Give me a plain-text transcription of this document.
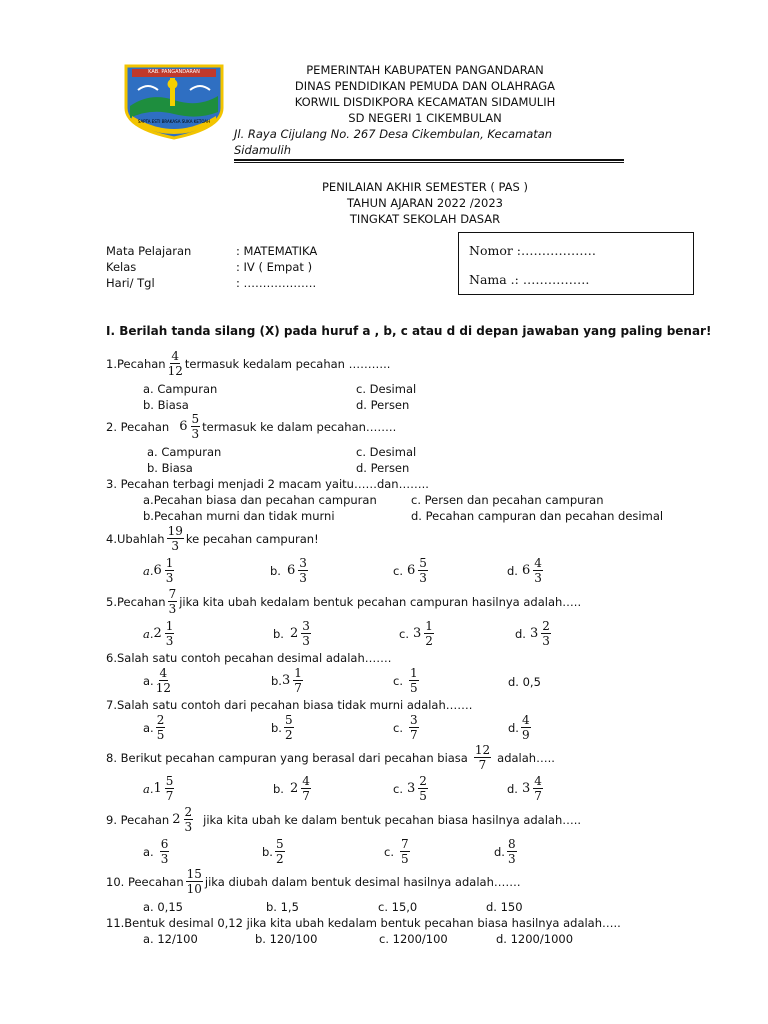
KAB. PANGANDARAN
SAPTA ESTI BRAKASA SUKA KETOAH
PEMERINTAH KABUPATEN PANGANDARAN
DINAS PENDIDIKAN PEMUDA DAN OLAHRAGA
KORWIL DISDIKPORA KECAMATAN SIDAMULIH
SD NEGERI 1 CIKEMBULAN
Jl. Raya Cijulang No. 267 Desa Cikembulan, Kecamatan
Sidamulih
PENILAIAN AKHIR SEMESTER ( PAS )
TAHUN AJARAN 2022 /2023
TINGKAT SEKOLAH DASAR
Mata Pelajaran	: MATEMATIKA
Kelas	: IV ( Empat )
Hari/ Tgl	: ……………….
Nomor :………………
Nama .: …………….
I. Berilah tanda silang (X) pada huruf a , b, c atau d di depan jawaban yang paling benar!
1.Pecahan $\frac{4}{12}$ termasuk kedalam pecahan ………..
a. Campuran	c. Desimal
b. Biasa	d. Persen
2. Pecahan $6 \frac{5}{3}$ termasuk ke dalam pecahan……..
a. Campuran	c. Desimal
b. Biasa	d. Persen
3. Pecahan terbagi menjadi 2 macam yaitu……dan……..
a.Pecahan biasa dan pecahan campuran	c. Persen dan pecahan campuran
b.Pecahan murni dan tidak murni	d. Pecahan campuran dan pecahan desimal
4.Ubahlah $\frac{19}{3}$ ke pecahan campuran!
a. $6 \frac{1}{3}$	b. $6 \frac{3}{3}$	c. $6 \frac{5}{3}$	d. $6 \frac{4}{3}$
5.Pecahan $\frac{7}{3}$ jika kita ubah kedalam bentuk pecahan campuran hasilnya adalah…..
a. $2 \frac{1}{3}$	b. $2 \frac{3}{3}$	c. $3 \frac{1}{2}$	d. $3 \frac{2}{3}$
6.Salah satu contoh pecahan desimal adalah…….
a. $\frac{4}{12}$	b. $3 \frac{1}{7}$	c. $\frac{1}{5}$	d. 0,5
7.Salah satu contoh dari pecahan biasa tidak murni adalah…….
a. $\frac{2}{5}$	b. $\frac{5}{2}$	c. $\frac{3}{7}$	d. $\frac{4}{9}$
8. Berikut pecahan campuran yang berasal dari pecahan biasa $\frac{12}{7}$ adalah…..
a. $1 \frac{5}{7}$	b. $2 \frac{4}{7}$	c. $3 \frac{2}{5}$	d. $3 \frac{4}{7}$
9. Pecahan $2 \frac{2}{3}$ jika kita ubah ke dalam bentuk pecahan biasa hasilnya adalah…..
a. $\frac{6}{3}$	b. $\frac{5}{2}$	c. $\frac{7}{5}$	d. $\frac{8}{3}$
10. Peecahan $\frac{15}{10}$ jika diubah dalam bentuk desimal hasilnya adalah…….
a. 0,15	b. 1,5	c. 15,0	d. 150
11.Bentuk desimal 0,12 jika kita ubah kedalam bentuk pecahan biasa hasilnya adalah…..
a. 12/100	b. 120/100	c. 1200/100	d. 1200/1000
